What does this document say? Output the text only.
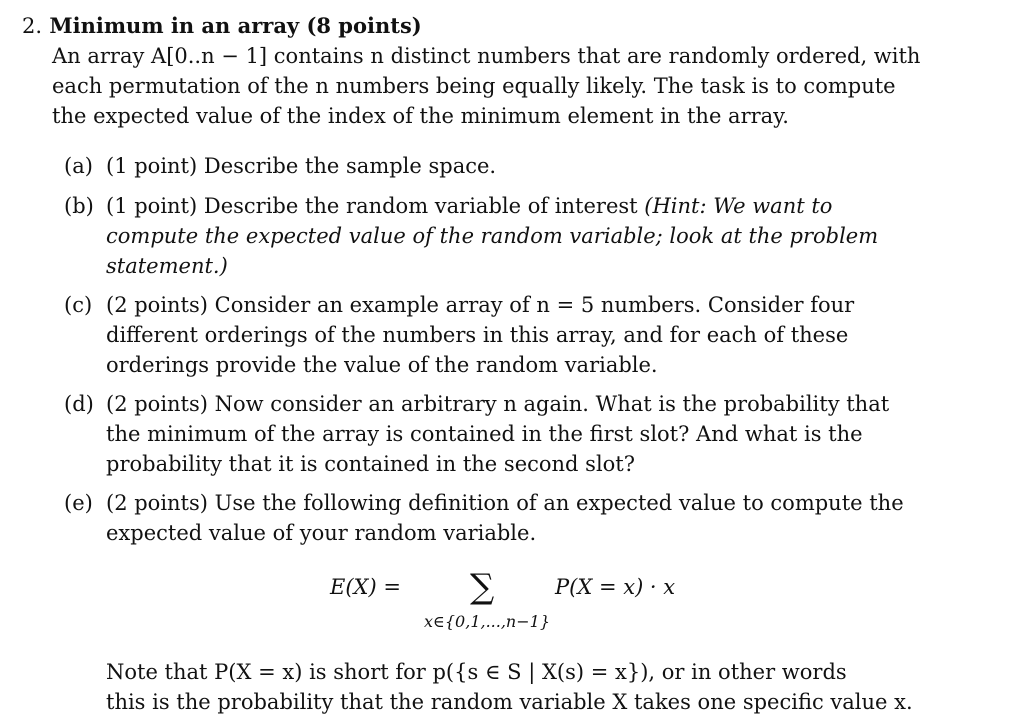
2. Minimum in an array (8 points)
An array A[0..n − 1] contains n distinct numbers that are randomly ordered, with
each permutation of the n numbers being equally likely. The task is to compute
the expected value of the index of the minimum element in the array.
(a) (1 point) Describe the sample space.
(b) (1 point) Describe the random variable of interest (Hint: We want to
compute the expected value of the random variable; look at the problem
statement.)
(c) (2 points) Consider an example array of n = 5 numbers. Consider four
different orderings of the numbers in this array, and for each of these
orderings provide the value of the random variable.
(d) (2 points) Now consider an arbitrary n again. What is the probability that
the minimum of the array is contained in the first slot? And what is the
probability that it is contained in the second slot?
(e) (2 points) Use the following definition of an expected value to compute the
expected value of your random variable.
E(X) = ∑
x∈{0,1,...,n−1}
P(X = x) · x
Note that P(X = x) is short for p({s ∈ S | X(s) = x}), or in other words
this is the probability that the random variable X takes one specific value x.
